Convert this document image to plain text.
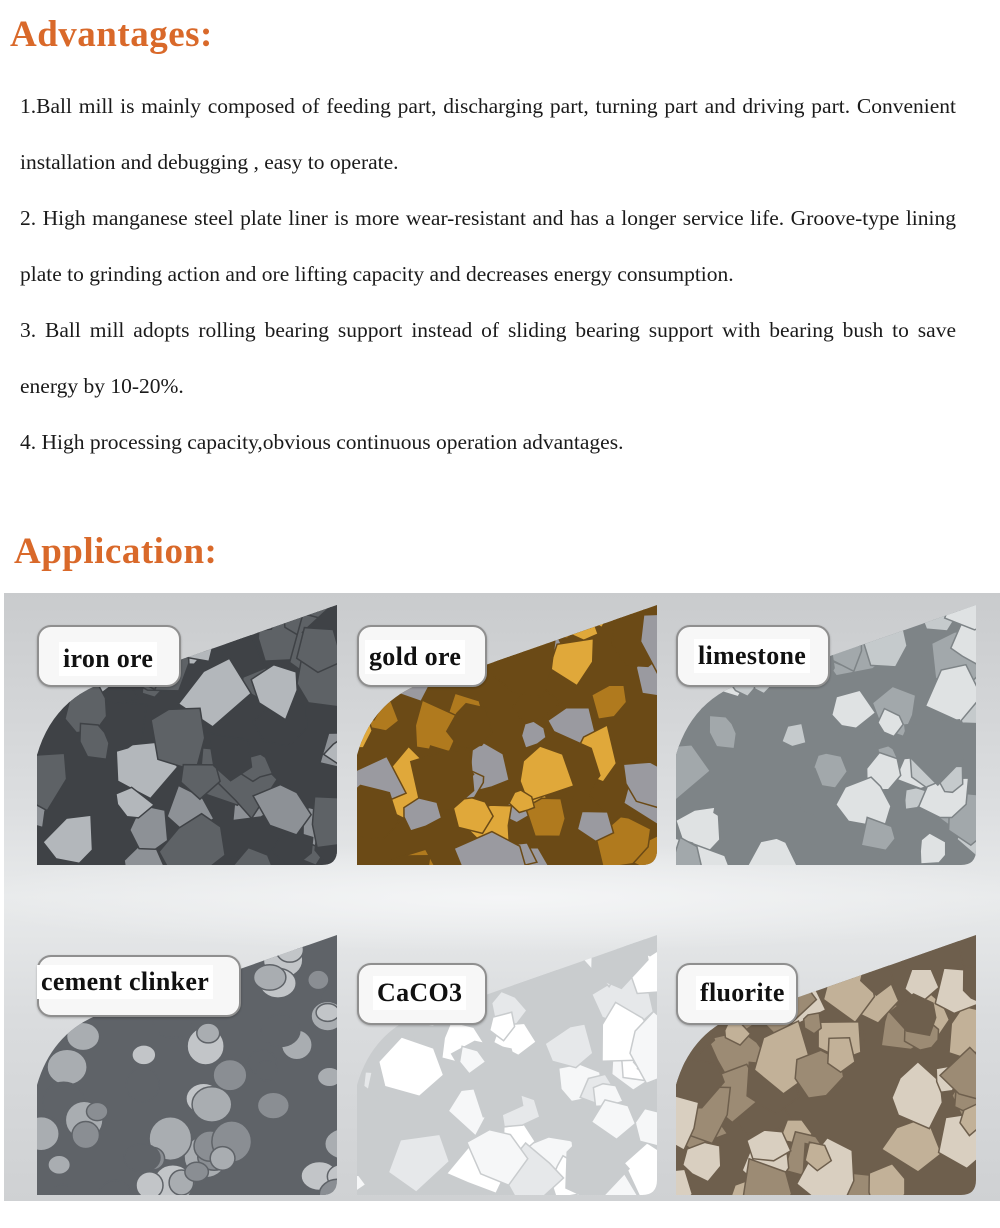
Advantages:

1.Ball mill is mainly composed of feeding part, discharging part, turning part and driving part. Convenient installation and debugging , easy to operate.

2. High manganese steel plate liner is more wear-resistant and has a longer service life. Groove-type lining plate to grinding action and ore lifting capacity and decreases energy consumption.

3. Ball mill adopts rolling bearing support instead of sliding bearing support with bearing bush to save energy by 10-20%.

4. High processing capacity,obvious continuous operation advantages.

Application:
iron ore	gold ore	limestone
cement clinker	CaCO3	fluorite
